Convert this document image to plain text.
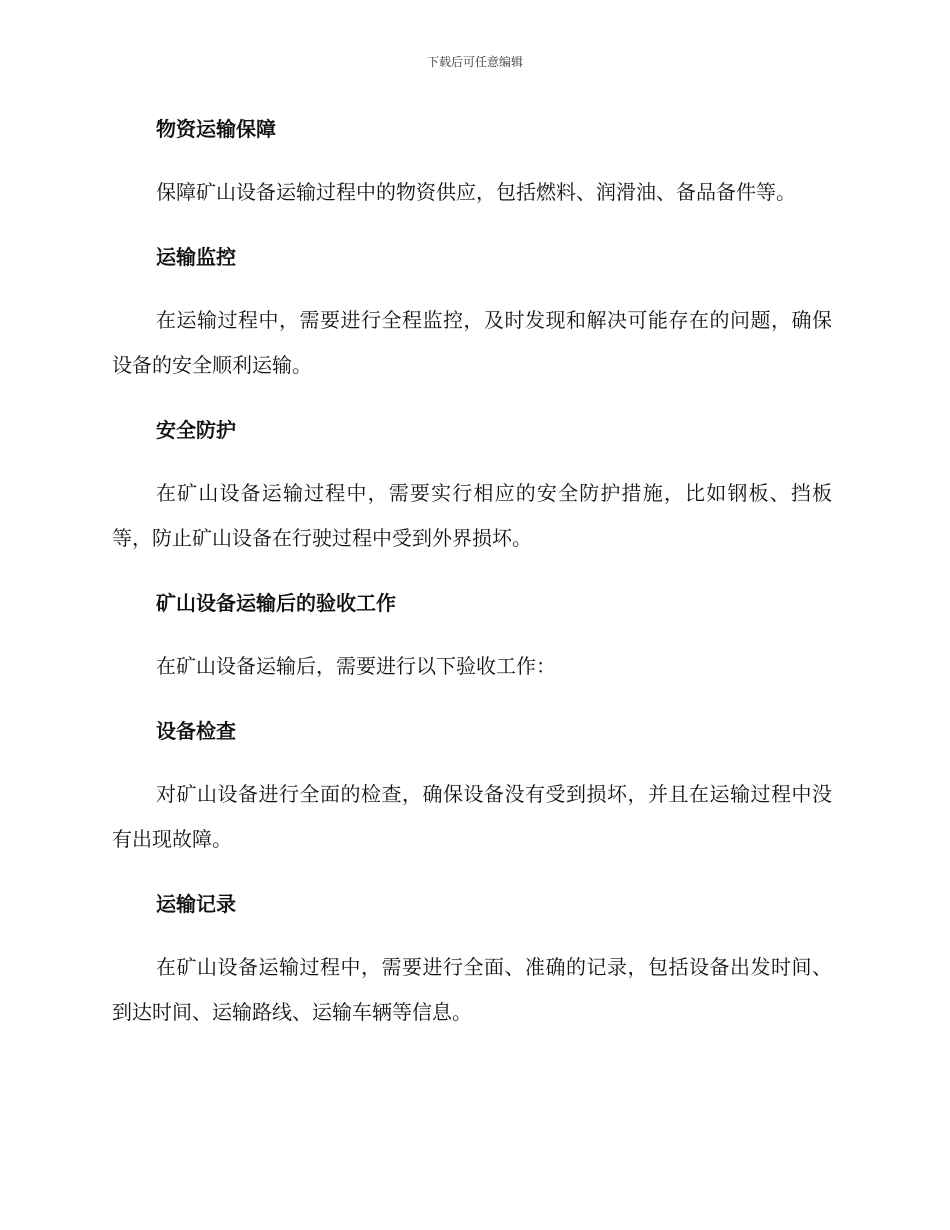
下载后可任意编辑
物资运输保障

保障矿山设备运输过程中的物资供应，包括燃料、润滑油、备品备件等。

运输监控

在运输过程中，需要进行全程监控，及时发现和解决可能存在的问题，确保设备的安全顺利运输。

安全防护

在矿山设备运输过程中，需要实行相应的安全防护措施，比如钢板、挡板等，防止矿山设备在行驶过程中受到外界损坏。

矿山设备运输后的验收工作

在矿山设备运输后，需要进行以下验收工作：

设备检查

对矿山设备进行全面的检查，确保设备没有受到损坏，并且在运输过程中没有出现故障。

运输记录

在矿山设备运输过程中，需要进行全面、准确的记录，包括设备出发时间、到达时间、运输路线、运输车辆等信息。
